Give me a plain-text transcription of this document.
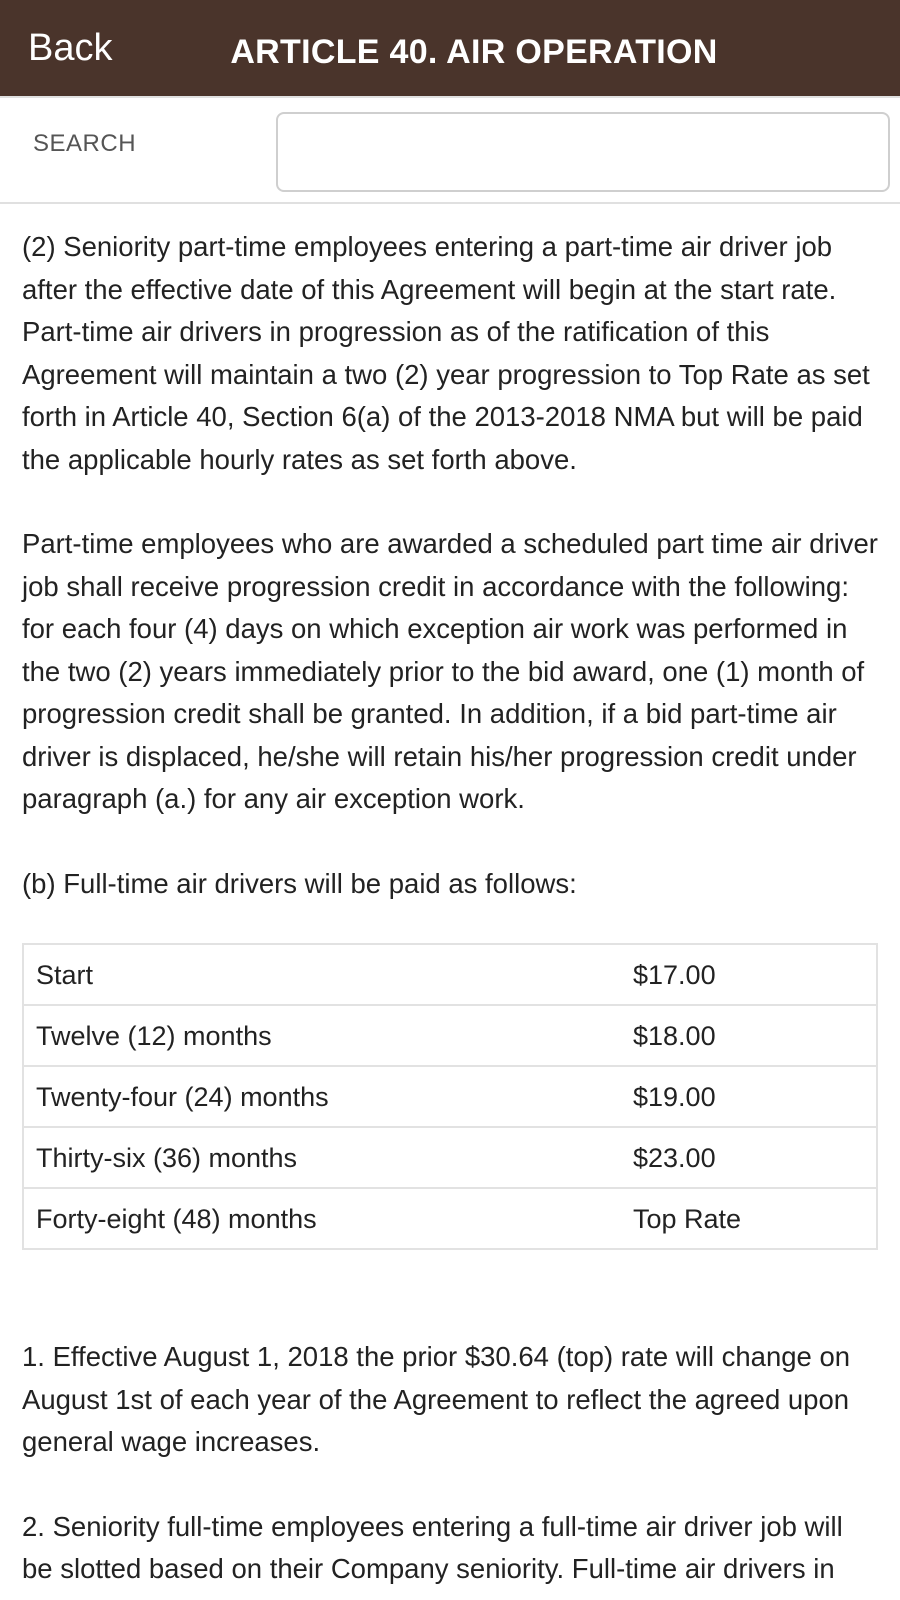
Back	ARTICLE 40. AIR OPERATION
SEARCH

(2) Seniority part-time employees entering a part-time air driver job after the effective date of this Agreement will begin at the start rate. Part-time air drivers in progression as of the ratification of this Agreement will maintain a two (2) year progression to Top Rate as set forth in Article 40, Section 6(a) of the 2013-2018 NMA but will be paid the applicable hourly rates as set forth above.

Part-time employees who are awarded a scheduled part time air driver job shall receive progression credit in accordance with the following: for each four (4) days on which exception air work was performed in the two (2) years immediately prior to the bid award, one (1) month of progression credit shall be granted. In addition, if a bid part-time air driver is displaced, he/she will retain his/her progression credit under paragraph (a.) for any air exception work.

(b) Full-time air drivers will be paid as follows:

Start	$17.00
Twelve (12) months	$18.00
Twenty-four (24) months	$19.00
Thirty-six (36) months	$23.00
Forty-eight (48) months	Top Rate

1. Effective August 1, 2018 the prior $30.64 (top) rate will change on August 1st of each year of the Agreement to reflect the agreed upon general wage increases.

2. Seniority full-time employees entering a full-time air driver job will be slotted based on their Company seniority. Full-time air drivers in
